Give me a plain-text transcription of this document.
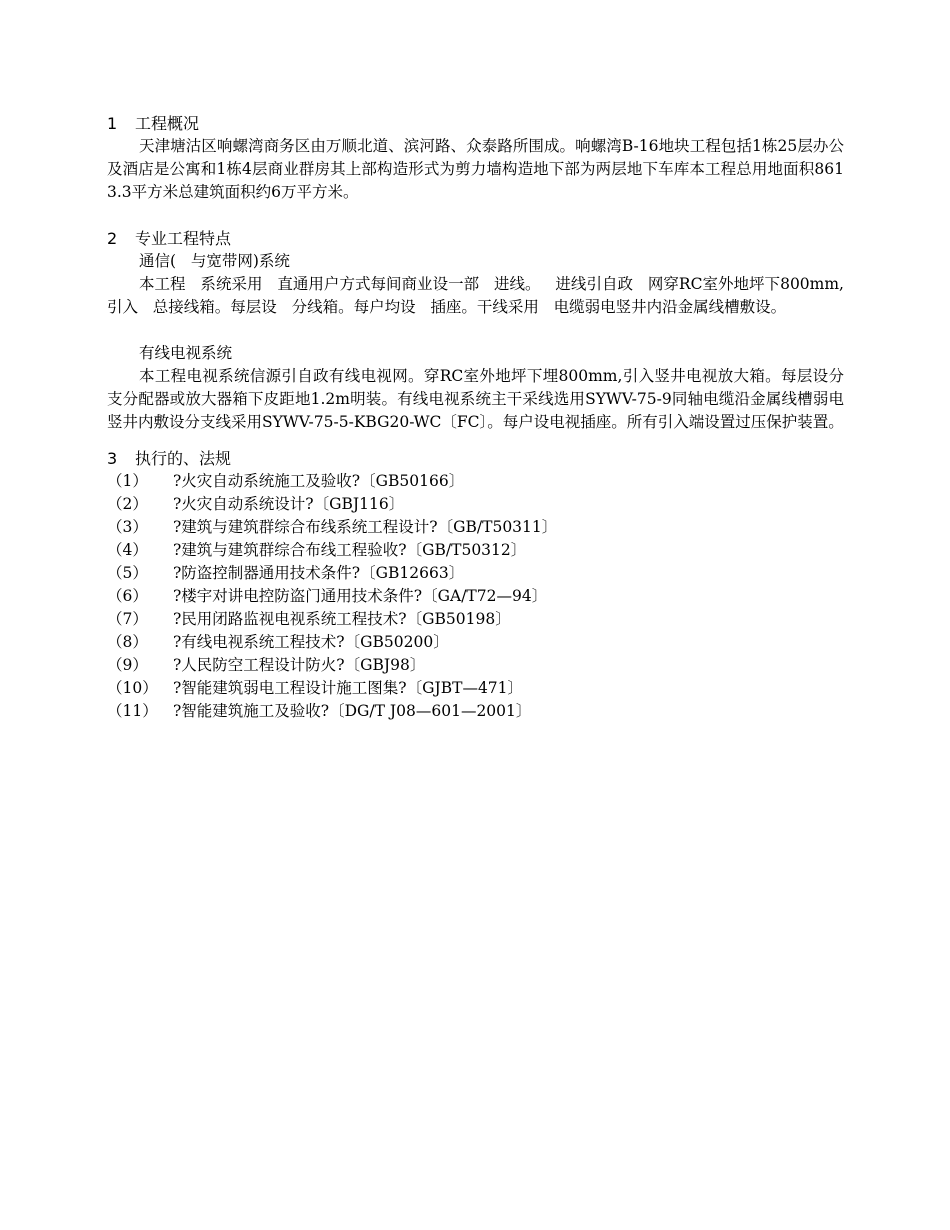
1 工程概况

天津塘沽区响螺湾商务区由万顺北道、滨河路、众泰路所围成。响螺湾B-16地块工程包括1栋25层办公及酒店是公寓和1栋4层商业群房其上部构造形式为剪力墙构造地下部为两层地下车库本工程总用地面积8613.3平方米总建筑面积约6万平方米。

2 专业工程特点
通信(   与宽带网)系统

本工程   系统采用   直通用户方式每间商业设一部   进线。   进线引自政   网穿RC室外地坪下800mm,引入   总接线箱。每层设   分线箱。每户均设   插座。干线采用   电缆弱电竖井内沿金属线槽敷设。

有线电视系统

本工程电视系统信源引自政有线电视网。穿RC室外地坪下埋800mm,引入竖井电视放大箱。每层设分支分配器或放大器箱下皮距地1.2m明装。有线电视系统主干采线选用SYWV-75-9同轴电缆沿金属线槽弱电竖井内敷设分支线采用SYWV-75-5-KBG20-WC〔FC〕。每户设电视插座。所有引入端设置过压保护装置。

3 执行的、法规
（1）	?火灾自动系统施工及验收?〔GB50166〕
（2）	?火灾自动系统设计?〔GBJ116〕
（3）	?建筑与建筑群综合布线系统工程设计?〔GB/T50311〕
（4）	?建筑与建筑群综合布线工程验收?〔GB/T50312〕
（5）	?防盗控制器通用技术条件?〔GB12663〕
（6）	?楼宇对讲电控防盗门通用技术条件?〔GA/T72—94〕
（7）	?民用闭路监视电视系统工程技术?〔GB50198〕
（8）	?有线电视系统工程技术?〔GB50200〕
（9）	?人民防空工程设计防火?〔GBJ98〕
（10） ?智能建筑弱电工程设计施工图集?〔GJBT—471〕
（11） ?智能建筑施工及验收?〔DG/T J08—601—2001〕
